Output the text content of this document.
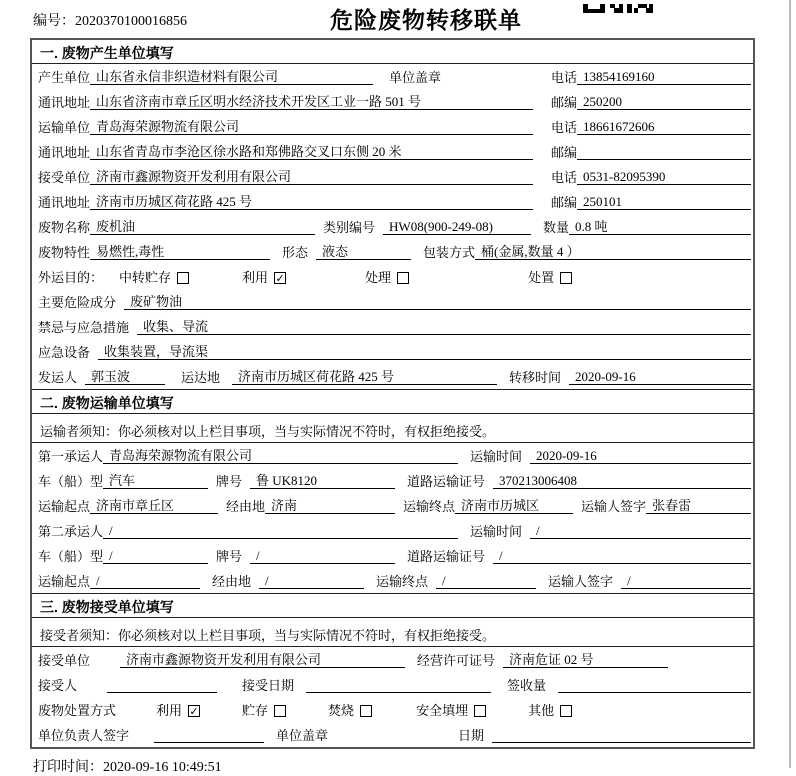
编号：2020370100016856	危险废物转移联单
一. 废物产生单位填写
产生单位 山东省永信非织造材料有限公司	单位盖章	电话 13854169160
通讯地址 山东省济南市章丘区明水经济技术开发区工业一路 501 号	邮编 250200
运输单位 青岛海荣源物流有限公司	电话 18661672606
通讯地址 山东省青岛市李沧区徐水路和郑佛路交叉口东侧 20 米	邮编
接受单位 济南市鑫源物资开发利用有限公司	电话 0531-82095390
通讯地址 济南市历城区荷花路 425 号	邮编 250101
废物名称 废机油	类别编号	HW08(900-249-08)	数量 0.8 吨
废物特性 易燃性,毒性	形态	液态	包装方式 桶(金属,数量 4 ）
外运目的： 中转贮存	利用 ✓	处理	处置
主要危险成分	废矿物油
禁忌与应急措施	收集、导流
应急设备	收集装置，导流渠
发运人	郭玉波	运达地	济南市历城区荷花路 425 号	转移时间	2020-09-16
二. 废物运输单位填写
运输者须知：你必须核对以上栏目事项，当与实际情况不符时，有权拒绝接受。
第一承运人 青岛海荣源物流有限公司	运输时间	2020-09-16
车（船）型 汽车	牌号	鲁 UK8120	道路运输证号	370213006408
运输起点 济南市章丘区	经由地 济南	运输终点 济南市历城区	运输人签字 张春雷
第二承运人 /	运输时间	/
车（船）型 /	牌号	/	道路运输证号	/
运输起点 /	经由地	/	运输终点	/	运输人签字	/
三. 废物接受单位填写
接受者须知：你必须核对以上栏目事项，当与实际情况不符时，有权拒绝接受。
接受单位	济南市鑫源物资开发利用有限公司	经营许可证号	济南危证 02 号
接受人	接受日期	签收量
废物处置方式	利用 ✓	贮存	焚烧	安全填埋	其他
单位负责人签字	单位盖章	日期
打印时间：2020-09-16 10:49:51
